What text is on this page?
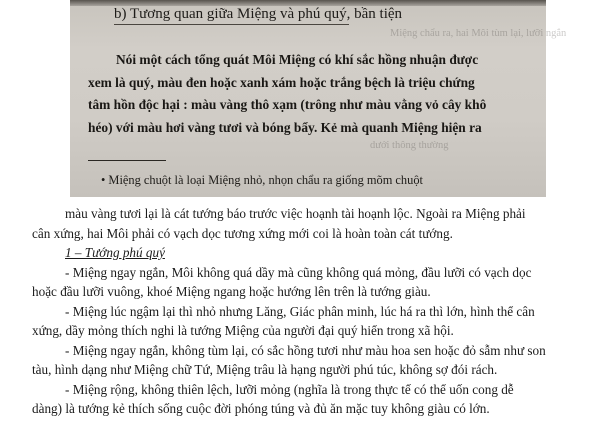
Miệng chẩu ra, hai Môi tùm lại, lưỡi ngắn
dưới thông thường
b) Tương quan giữa Miệng và phú quý, bần tiện
Nói một cách tổng quát Môi Miệng có khí sắc hồng nhuận được
xem là quý, màu đen hoặc xanh xám hoặc trắng bệch là triệu chứng
tâm hồn độc hại : màu vàng thô xạm (trông như màu vằng vỏ cây khô
héo) với màu hơi vàng tươi và bóng bẩy. Kẻ mà quanh Miệng hiện ra
• Miệng chuột là loại Miệng nhỏ, nhọn chẩu ra giống mõm chuột
màu vàng tươi lại là cát tướng báo trước việc hoạnh tài hoạnh lộc. Ngoài ra Miệng phải
cân xứng, hai Môi phải có vạch dọc tương xứng mới coi là hoàn toàn cát tướng.
1 – Tướng phú quý
- Miệng ngay ngắn, Môi không quá dầy mà cũng không quá mỏng, đầu lưỡi có vạch dọc
hoặc đầu lưỡi vuông, khoé Miệng ngang hoặc hướng lên trên là tướng giàu.
- Miệng lúc ngậm lại thì nhỏ nhưng Lăng, Giác phân minh, lúc há ra thì lớn, hình thể cân
xứng, dầy mỏng thích nghi là tướng Miệng của người đại quý hiển trong xã hội.
- Miệng ngay ngắn, không tùm lại, có sắc hồng tươi như màu hoa sen hoặc đỏ sẫm như son
tàu, hình dạng như Miệng chữ Tứ, Miệng trâu là hạng người phú túc, không sợ đói rách.
- Miệng rộng, không thiên lệch, lưỡi mỏng (nghĩa là trong thực tế có thể uốn cong dễ
dàng) là tướng kẻ thích sống cuộc đời phóng túng và đủ ăn mặc tuy không giàu có lớn.
